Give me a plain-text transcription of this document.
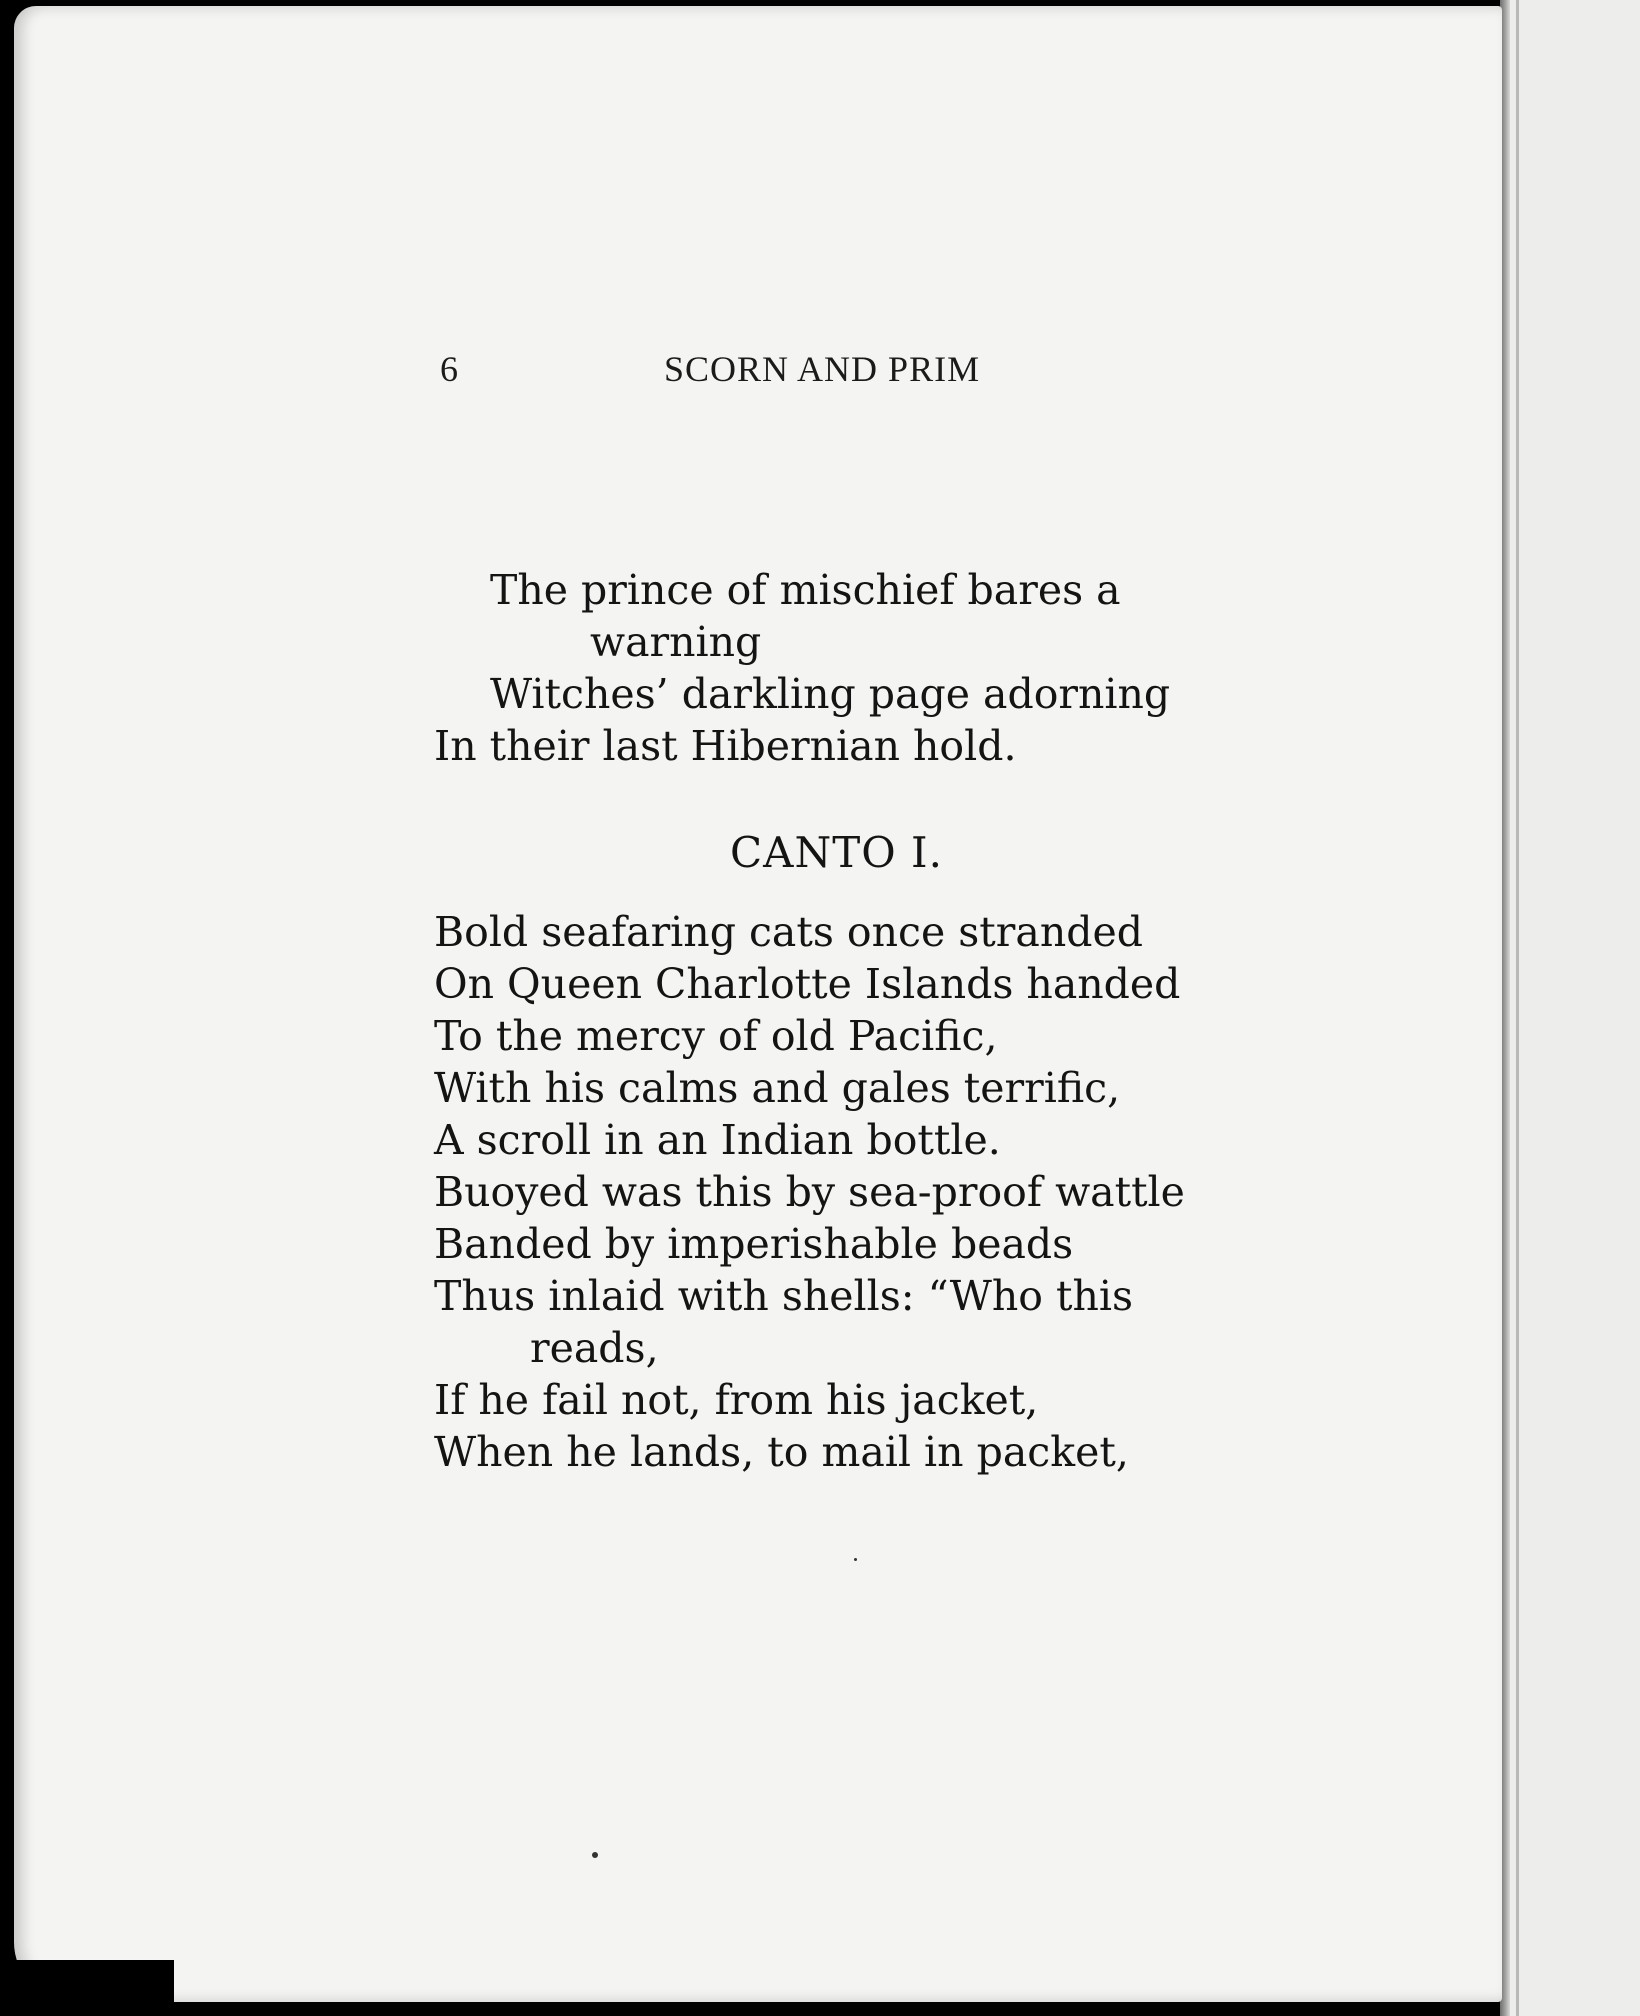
6	SCORN AND PRIM
The prince of mischief bares a
warning
Witches’ darkling page adorning
In their last Hibernian hold.
CANTO I.
Bold seafaring cats once stranded
On Queen Charlotte Islands handed
To the mercy of old Pacific,
With his calms and gales terrific,
A scroll in an Indian bottle.
Buoyed was this by sea-proof wattle
Banded by imperishable beads
Thus inlaid with shells: “Who this
reads,
If he fail not, from his jacket,
When he lands, to mail in packet,
